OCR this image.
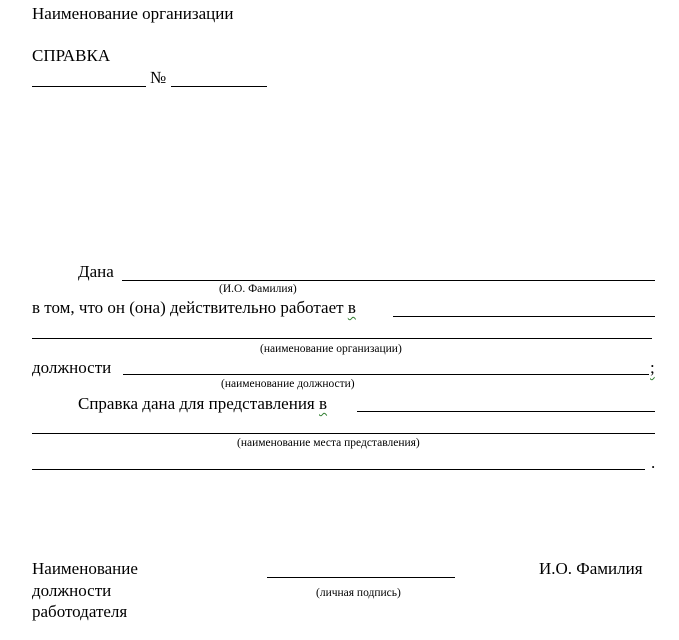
Наименование организации
СПРАВКА
№
Дана
(И.О. Фамилия)
в том, что он (она) действительно работает в
(наименование организации)
должности	;
(наименование должности)
Справка дана для представления в
(наименование места представления)
.
Наименование
должности
работодателя
(личная подпись)
И.О. Фамилия
